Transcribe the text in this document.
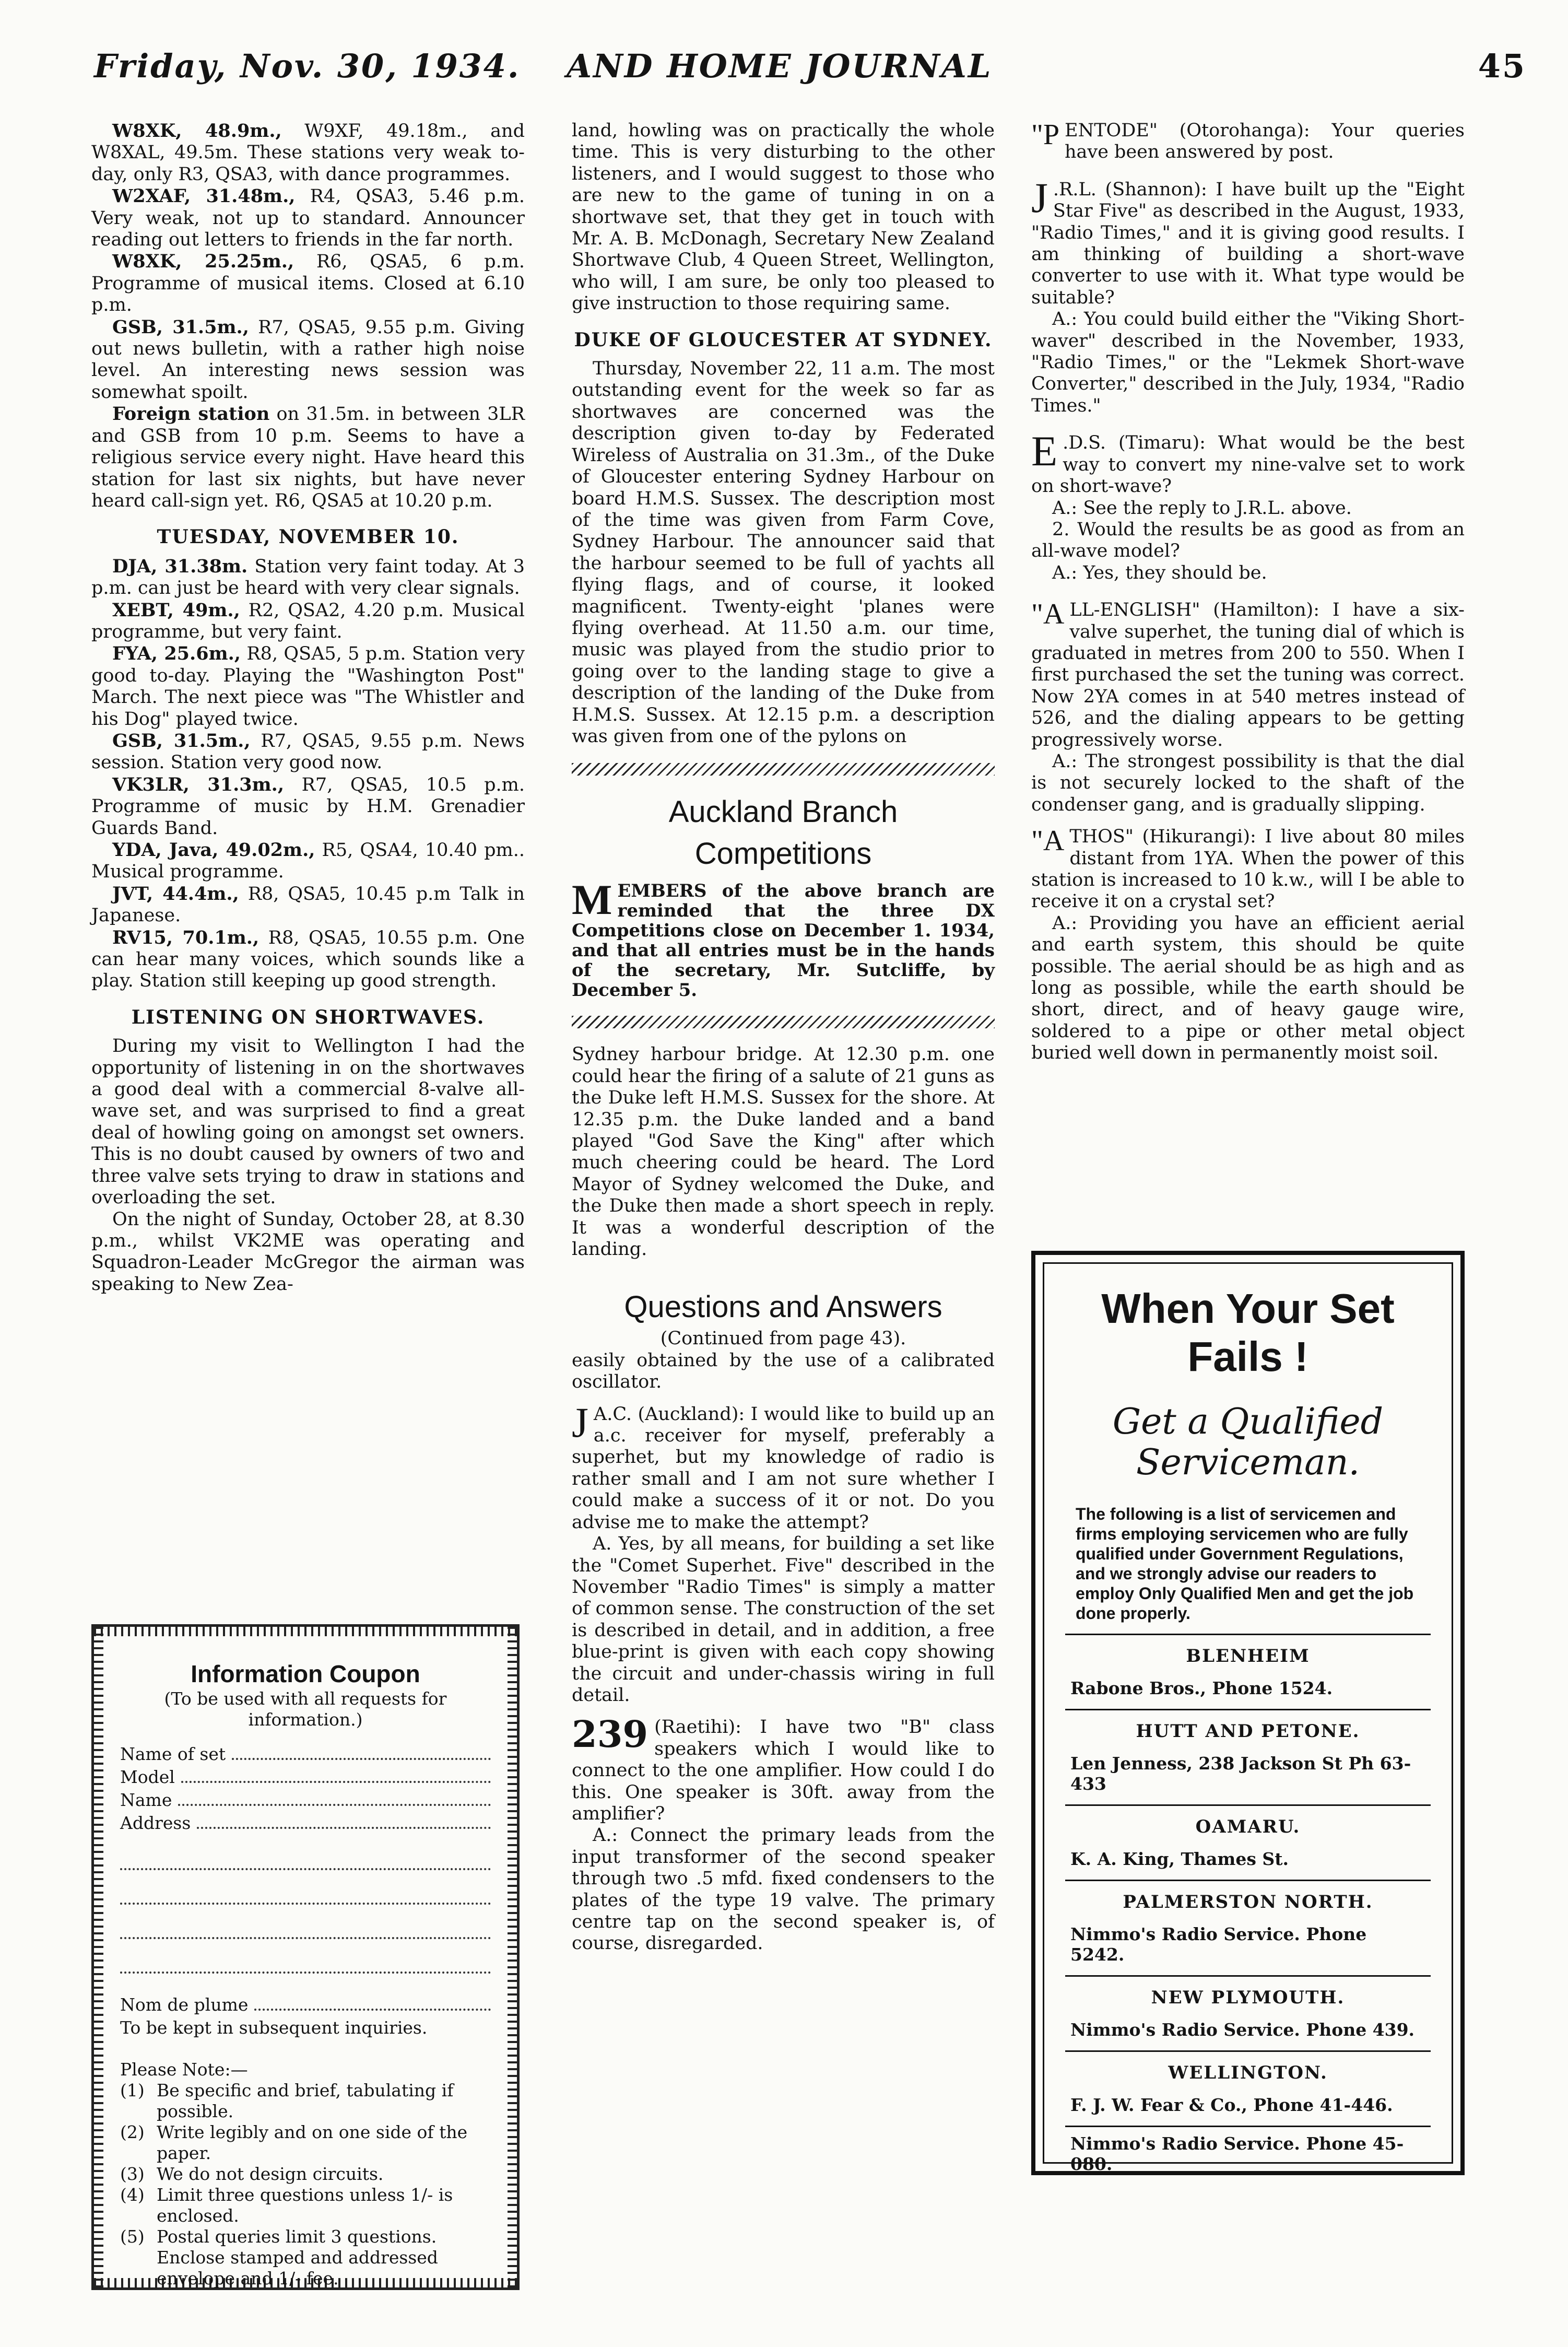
Friday, Nov. 30, 1934. AND HOME JOURNAL	45

W8XK, 48.9m., W9XF, 49.18m., and W8XAL, 49.5m. These stations very weak to-day, only R3, QSA3, with dance programmes.

W2XAF, 31.48m., R4, QSA3, 5.46 p.m. Very weak, not up to standard. Announcer reading out letters to friends in the far north.

W8XK, 25.25m., R6, QSA5, 6 p.m. Programme of musical items. Closed at 6.10 p.m.

GSB, 31.5m., R7, QSA5, 9.55 p.m. Giving out news bulletin, with a rather high noise level. An interesting news session was somewhat spoilt.

Foreign station on 31.5m. in between 3LR and GSB from 10 p.m. Seems to have a religious service every night. Have heard this station for last six nights, but have never heard call-sign yet. R6, QSA5 at 10.20 p.m.

TUESDAY, NOVEMBER 10.

DJA, 31.38m. Station very faint today. At 3 p.m. can just be heard with very clear signals.

XEBT, 49m., R2, QSA2, 4.20 p.m. Musical programme, but very faint.

FYA, 25.6m., R8, QSA5, 5 p.m. Station very good to-day. Playing the "Washington Post" March. The next piece was "The Whistler and his Dog" played twice.

GSB, 31.5m., R7, QSA5, 9.55 p.m. News session. Station very good now.

VK3LR, 31.3m., R7, QSA5, 10.5 p.m. Programme of music by H.M. Grenadier Guards Band.

YDA, Java, 49.02m., R5, QSA4, 10.40 pm.. Musical programme.

JVT, 44.4m., R8, QSA5, 10.45 p.m Talk in Japanese.

RV15, 70.1m., R8, QSA5, 10.55 p.m. One can hear many voices, which sounds like a play. Station still keeping up good strength.

LISTENING ON SHORTWAVES.

During my visit to Wellington I had the opportunity of listening in on the shortwaves a good deal with a commercial 8-valve all-wave set, and was surprised to find a great deal of howling going on amongst set owners. This is no doubt caused by owners of two and three valve sets trying to draw in stations and overloading the set.

On the night of Sunday, October 28, at 8.30 p.m., whilst VK2ME was operating and Squadron-Leader McGregor the airman was speaking to New Zea-

Information Coupon
(To be used with all requests for information.)
Name of set
Model
Name
Address
Nom de plume
To be kept in subsequent inquiries.
Please Note:—
(1) Be specific and brief, tabulating if possible.
(2) Write legibly and on one side of the paper.
(3) We do not design circuits.
(4) Limit three questions unless 1/- is enclosed.
(5) Postal queries limit 3 questions. Enclose stamped and addressed envelope and 1/- fee.

land, howling was on practically the whole time. This is very disturbing to the other listeners, and I would suggest to those who are new to the game of tuning in on a shortwave set, that they get in touch with Mr. A. B. McDonagh, Secretary New Zealand Shortwave Club, 4 Queen Street, Wellington, who will, I am sure, be only too pleased to give instruction to those requiring same.

DUKE OF GLOUCESTER AT SYDNEY.

Thursday, November 22, 11 a.m. The most outstanding event for the week so far as shortwaves are concerned was the description given to-day by Federated Wireless of Australia on 31.3m., of the Duke of Gloucester entering Sydney Harbour on board H.M.S. Sussex. The description most of the time was given from Farm Cove, Sydney Harbour. The announcer said that the harbour seemed to be full of yachts all flying flags, and of course, it looked magnificent. Twenty-eight 'planes were flying overhead. At 11.50 a.m. our time, music was played from the studio prior to going over to the landing stage to give a description of the landing of the Duke from H.M.S. Sussex. At 12.15 p.m. a description was given from one of the pylons on

Auckland Branch
Competitions
MEMBERS of the above branch are reminded that the three DX Competitions close on December 1. 1934, and that all entries must be in the hands of the secretary, Mr. Sutcliffe, by December 5.

Sydney harbour bridge. At 12.30 p.m. one could hear the firing of a salute of 21 guns as the Duke left H.M.S. Sussex for the shore. At 12.35 p.m. the Duke landed and a band played "God Save the King" after which much cheering could be heard. The Lord Mayor of Sydney welcomed the Duke, and the Duke then made a short speech in reply. It was a wonderful description of the landing.

Questions and Answers
(Continued from page 43).

easily obtained by the use of a calibrated oscillator.

J A.C. (Auckland): I would like to build up an a.c. receiver for myself, preferably a superhet, but my knowledge of radio is rather small and I am not sure whether I could make a success of it or not. Do you advise me to make the attempt?

A. Yes, by all means, for building a set like the "Comet Superhet. Five" described in the November "Radio Times" is simply a matter of common sense. The construction of the set is described in detail, and in addition, a free blue-print is given with each copy showing the circuit and under-chassis wiring in full detail.

239 (Raetihi): I have two "B" class speakers which I would like to connect to the one amplifier. How could I do this. One speaker is 30ft. away from the amplifier?

A.: Connect the primary leads from the input transformer of the second speaker through two .5 mfd. fixed condensers to the plates of the type 19 valve. The primary centre tap on the second speaker is, of course, disregarded.

"PENTODE" (Otorohanga): Your queries have been answered by post.

J .R.L. (Shannon): I have built up the "Eight Star Five" as described in the August, 1933, "Radio Times," and it is giving good results. I am thinking of building a short-wave converter to use with it. What type would be suitable?

A.: You could build either the "Viking Short-waver" described in the November, 1933, "Radio Times," or the "Lekmek Short-wave Converter," described in the July, 1934, "Radio Times."

E .D.S. (Timaru): What would be the best way to convert my nine-valve set to work on short-wave?

A.: See the reply to J.R.L. above.

2. Would the results be as good as from an all-wave model?

A.: Yes, they should be.

"ALL-ENGLISH" (Hamilton): I have a six-valve superhet, the tuning dial of which is graduated in metres from 200 to 550. When I first purchased the set the tuning was correct. Now 2YA comes in at 540 metres instead of 526, and the dialing appears to be getting progressively worse.

A.: The strongest possibility is that the dial is not securely locked to the shaft of the condenser gang, and is gradually slipping.

"ATHOS" (Hikurangi): I live about 80 miles distant from 1YA. When the power of this station is increased to 10 k.w., will I be able to receive it on a crystal set?

A.: Providing you have an efficient aerial and earth system, this should be quite possible. The aerial should be as high and as long as possible, while the earth should be short, direct, and of heavy gauge wire, soldered to a pipe or other metal object buried well down in permanently moist soil.

When Your Set Fails !
Get a Qualified Serviceman.
The following is a list of servicemen and firms employing servicemen who are fully qualified under Government Regulations, and we strongly advise our readers to employ Only Qualified Men and get the job done properly.
BLENHEIM
Rabone Bros., Phone 1524.
HUTT AND PETONE.
Len Jenness, 238 Jackson St Ph 63-433
OAMARU.
K. A. King, Thames St.
PALMERSTON NORTH.
Nimmo's Radio Service. Phone 5242.
NEW PLYMOUTH.
Nimmo's Radio Service. Phone 439.
WELLINGTON.
F. J. W. Fear & Co., Phone 41-446.
Nimmo's Radio Service. Phone 45-080.
